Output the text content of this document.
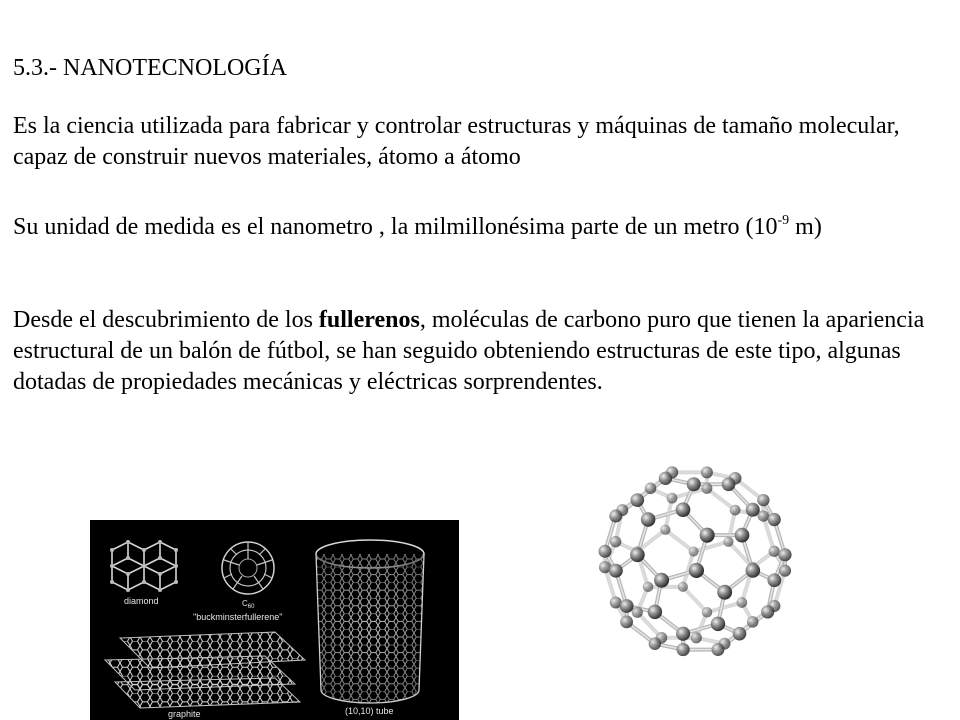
5.3.- NANOTECNOLOGÍA

Es la ciencia utilizada para fabricar y controlar estructuras y máquinas de tamaño molecular, capaz de construir nuevos materiales, átomo a átomo

Su unidad de medida es el nanometro , la milmillonésima parte de un metro ($10^{-9}$ m)

Desde el descubrimiento de los fullerenos, moléculas de carbono puro que tienen la apariencia estructural de un balón de fútbol, se han seguido obteniendo estructuras de este tipo, algunas dotadas de propiedades mecánicas y eléctricas sorprendentes.

diamond	$C_{60}$
"buckminsterfullerene"
graphite	(10,10) tube
